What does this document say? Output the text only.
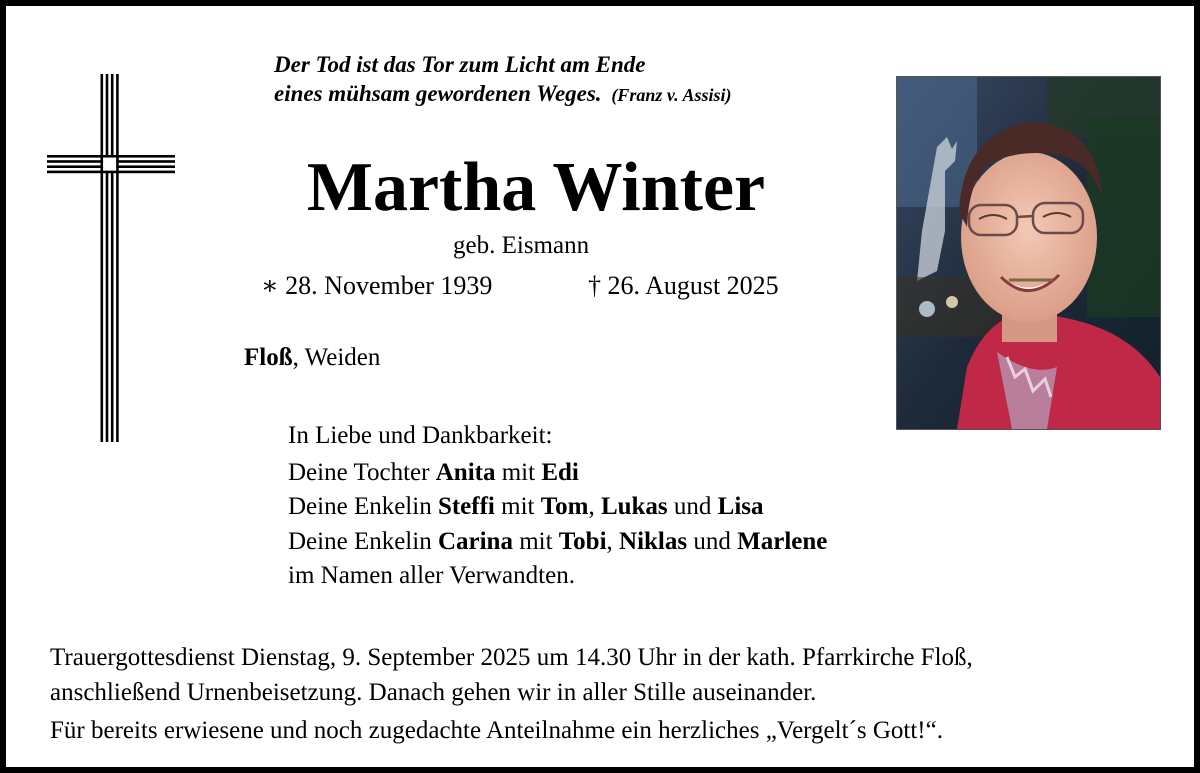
Der Tod ist das Tor zum Licht am Ende
eines mühsam gewordenen Weges. (Franz v. Assisi)
Martha Winter
geb. Eismann
∗ 28. November 1939	† 26. August 2025
Floß, Weiden
In Liebe und Dankbarkeit:
Deine Tochter Anita mit Edi
Deine Enkelin Steffi mit Tom, Lukas und Lisa
Deine Enkelin Carina mit Tobi, Niklas und Marlene
im Namen aller Verwandten.
Trauergottesdienst Dienstag, 9. September 2025 um 14.30 Uhr in der kath. Pfarrkirche Floß,
anschließend Urnenbeisetzung. Danach gehen wir in aller Stille auseinander.
Für bereits erwiesene und noch zugedachte Anteilnahme ein herzliches „Vergelt´s Gott!“.
